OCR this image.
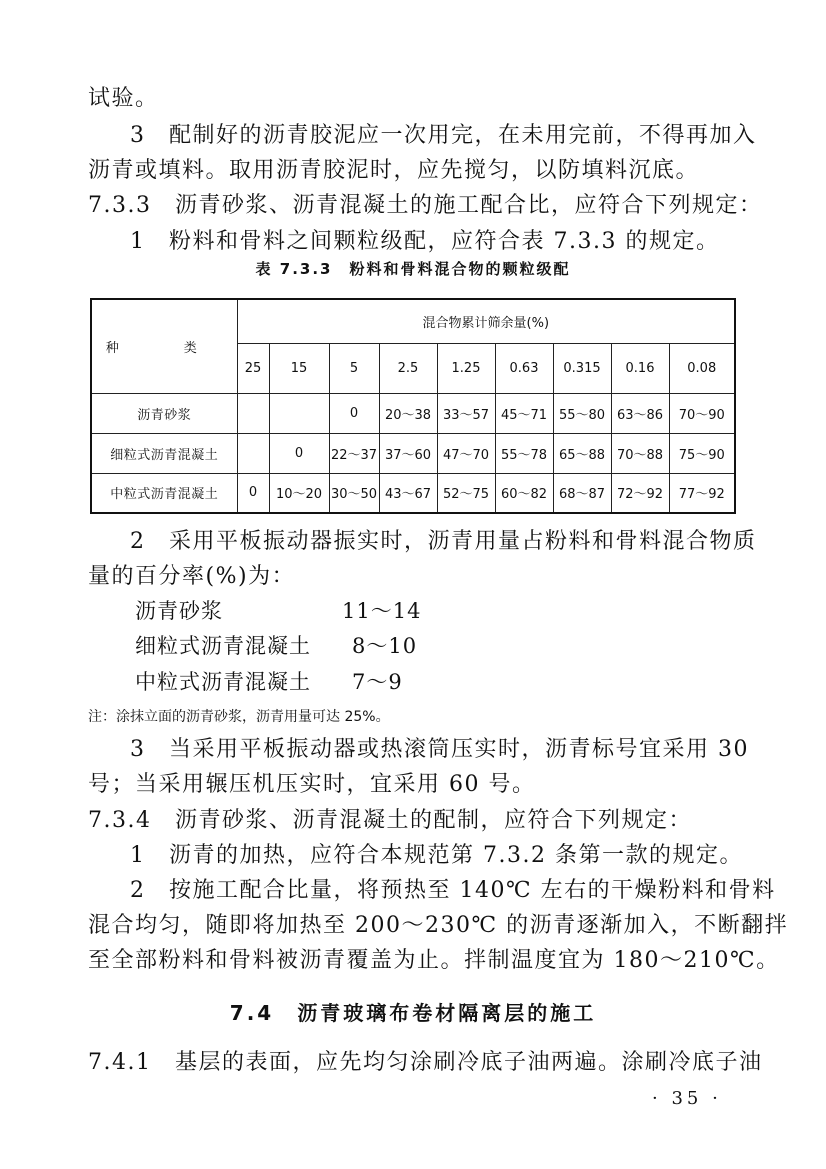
试验。
3　配制好的沥青胶泥应一次用完，在未用完前，不得再加入
沥青或填料。取用沥青胶泥时，应先搅匀，以防填料沉底。
7.3.3　沥青砂浆、沥青混凝土的施工配合比，应符合下列规定：
1　粉料和骨料之间颗粒级配，应符合表 7.3.3 的规定。
表 7.3.3　粉料和骨料混合物的颗粒级配
种　类	混合物累计筛余量(%)								
	25	15	5	2.5	1.25	0.63	0.315	0.16	0.08
沥青砂浆			0	20～38	33～57	45～71	55～80	63～86	70～90
细粒式沥青混凝土		0	22～37	37～60	47～70	55～78	65～88	70～88	75～90
中粒式沥青混凝土	0	10～20	30～50	43～67	52～75	60～82	68～87	72～92	77～92
2　采用平板振动器振实时，沥青用量占粉料和骨料混合物质
量的百分率(%)为：
沥青砂浆	11～14
细粒式沥青混凝土 8～10
中粒式沥青混凝土 7～9
注：涂抹立面的沥青砂浆，沥青用量可达 25%。
3　当采用平板振动器或热滚筒压实时，沥青标号宜采用 30
号；当采用辗压机压实时，宜采用 60 号。
7.3.4　沥青砂浆、沥青混凝土的配制，应符合下列规定：
1　沥青的加热，应符合本规范第 7.3.2 条第一款的规定。
2　按施工配合比量，将预热至 140℃ 左右的干燥粉料和骨料
混合均匀，随即将加热至 200～230℃ 的沥青逐渐加入，不断翻拌
至全部粉料和骨料被沥青覆盖为止。拌制温度宜为 180～210℃。
7.4　沥青玻璃布卷材隔离层的施工
7.4.1　基层的表面，应先均匀涂刷冷底子油两遍。涂刷冷底子油
· 35 ·
